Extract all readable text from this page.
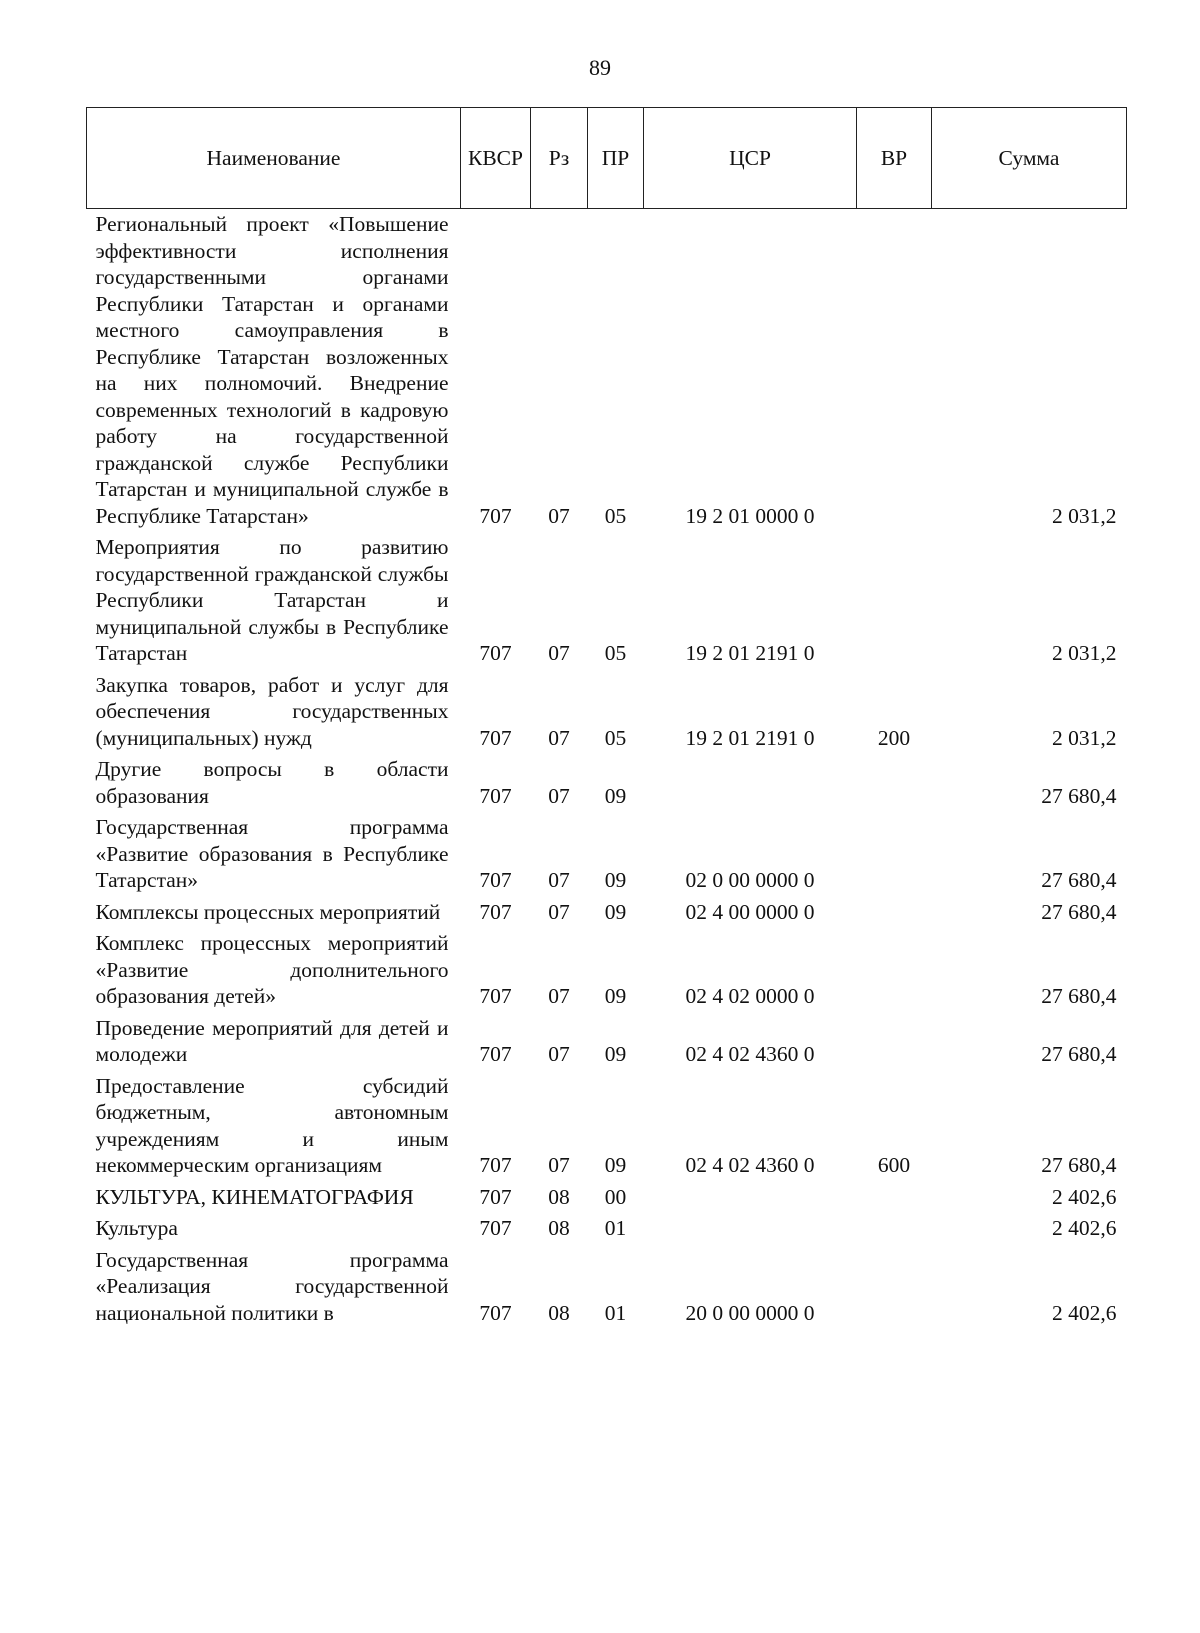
89
Наименование	КВСР	Рз	ПР	ЦСР	ВР	Сумма
Региональный проект «Повышение эффективности исполнения государственными органами Республики Татарстан и органами местного самоуправления в Республике Татарстан возложенных на них полномочий. Внедрение современных технологий в кадровую работу на государственной гражданской службе Республики Татарстан и муниципальной службе в Республике Татарстан»	707	07	05	19 2 01 0000 0		2 031,2
Мероприятия по развитию государственной гражданской службы Республики Татарстан и муниципальной службы в Республике Татарстан	707	07	05	19 2 01 2191 0		2 031,2
Закупка товаров, работ и услуг для обеспечения государственных (муниципальных) нужд	707	07	05	19 2 01 2191 0	200	2 031,2
Другие вопросы в области образования	707	07	09			27 680,4
Государственная программа «Развитие образования в Республике Татарстан»	707	07	09	02 0 00 0000 0		27 680,4
Комплексы процессных мероприятий	707	07	09	02 4 00 0000 0		27 680,4
Комплекс процессных мероприятий «Развитие дополнительного образования детей»	707	07	09	02 4 02 0000 0		27 680,4
Проведение мероприятий для детей и молодежи	707	07	09	02 4 02 4360 0		27 680,4
Предоставление субсидий бюджетным, автономным учреждениям и иным некоммерческим организациям	707	07	09	02 4 02 4360 0	600	27 680,4
КУЛЬТУРА, КИНЕМАТОГРАФИЯ	707	08	00			2 402,6
Культура	707	08	01			2 402,6
Государственная программа «Реализация государственной национальной политики в	707	08	01	20 0 00 0000 0		2 402,6
